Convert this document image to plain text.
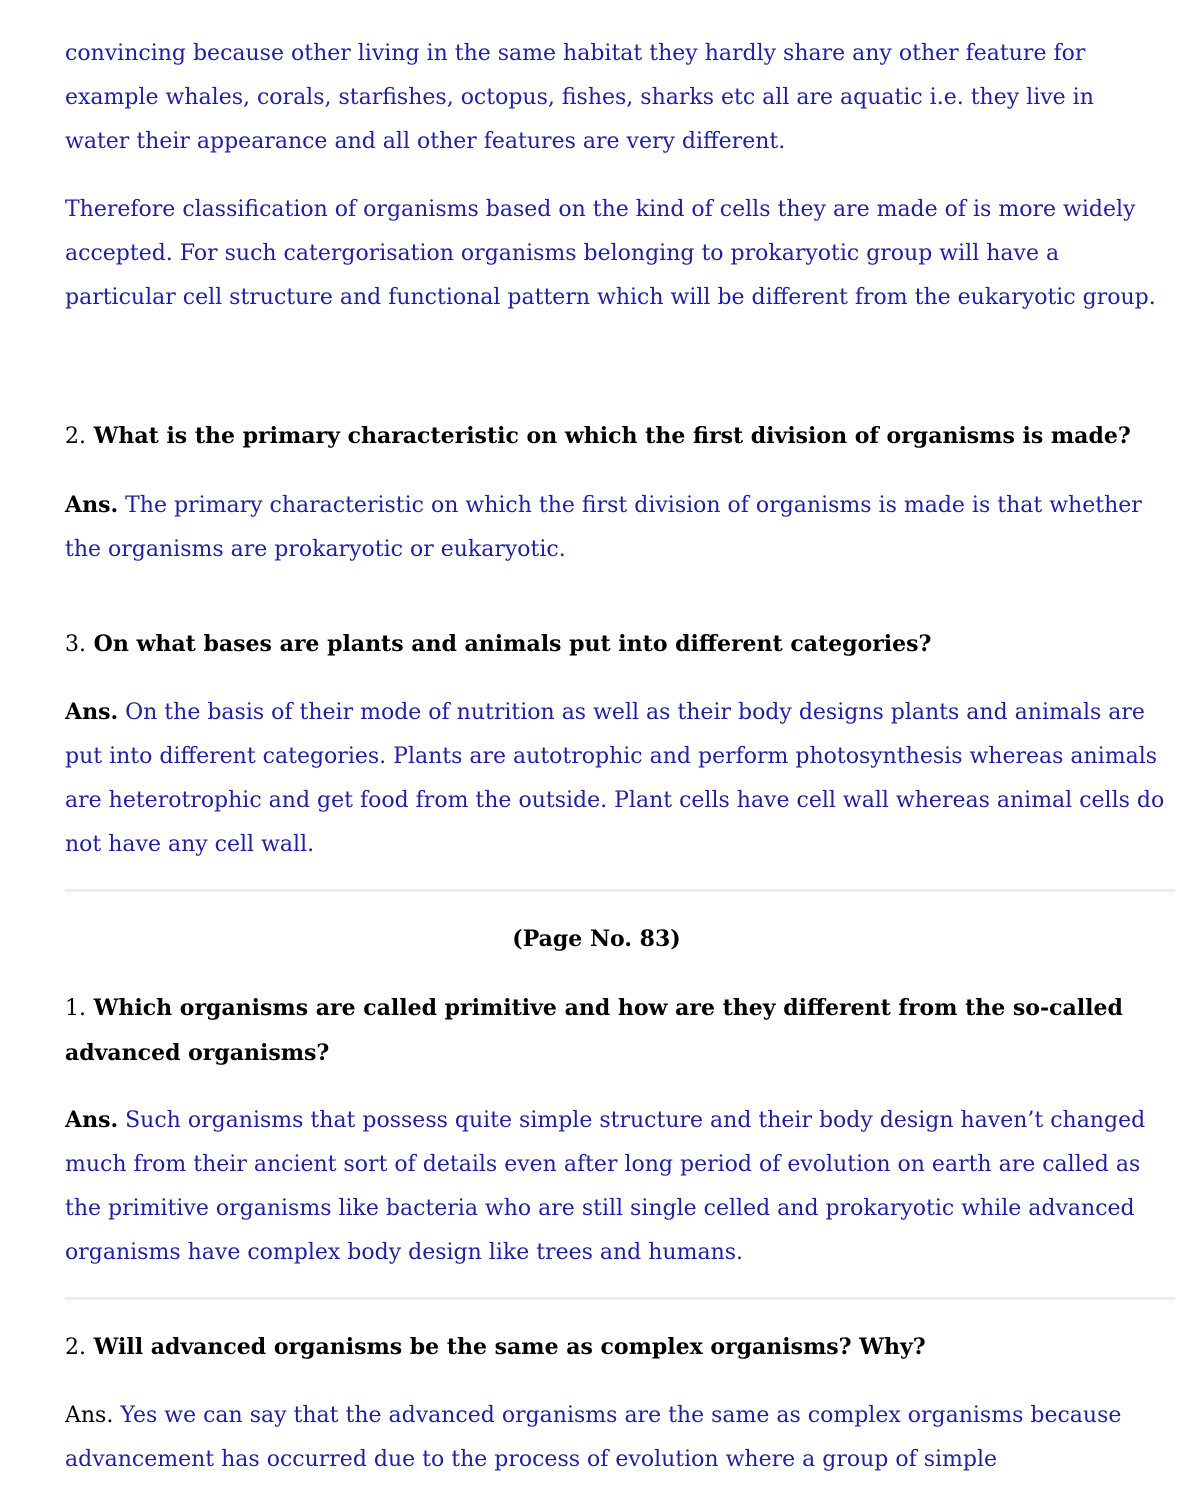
convincing because other living in the same habitat they hardly share any other feature for example whales, corals, starfishes, octopus, fishes, sharks etc all are aquatic i.e. they live in water their appearance and all other features are very different.

Therefore classification of organisms based on the kind of cells they are made of is more widely accepted. For such catergorisation organisms belonging to prokaryotic group will have a particular cell structure and functional pattern which will be different from the eukaryotic group.

2. What is the primary characteristic on which the first division of organisms is made?

Ans. The primary characteristic on which the first division of organisms is made is that whether the organisms are prokaryotic or eukaryotic.

3. On what bases are plants and animals put into different categories?

Ans. On the basis of their mode of nutrition as well as their body designs plants and animals are put into different categories. Plants are autotrophic and perform photosynthesis whereas animals are heterotrophic and get food from the outside. Plant cells have cell wall whereas animal cells do not have any cell wall.

(Page No. 83)

1. Which organisms are called primitive and how are they different from the so-called advanced organisms?

Ans. Such organisms that possess quite simple structure and their body design haven’t changed much from their ancient sort of details even after long period of evolution on earth are called as the primitive organisms like bacteria who are still single celled and prokaryotic while advanced organisms have complex body design like trees and humans.

2. Will advanced organisms be the same as complex organisms? Why?

Ans. Yes we can say that the advanced organisms are the same as complex organisms because advancement has occurred due to the process of evolution where a group of simple
